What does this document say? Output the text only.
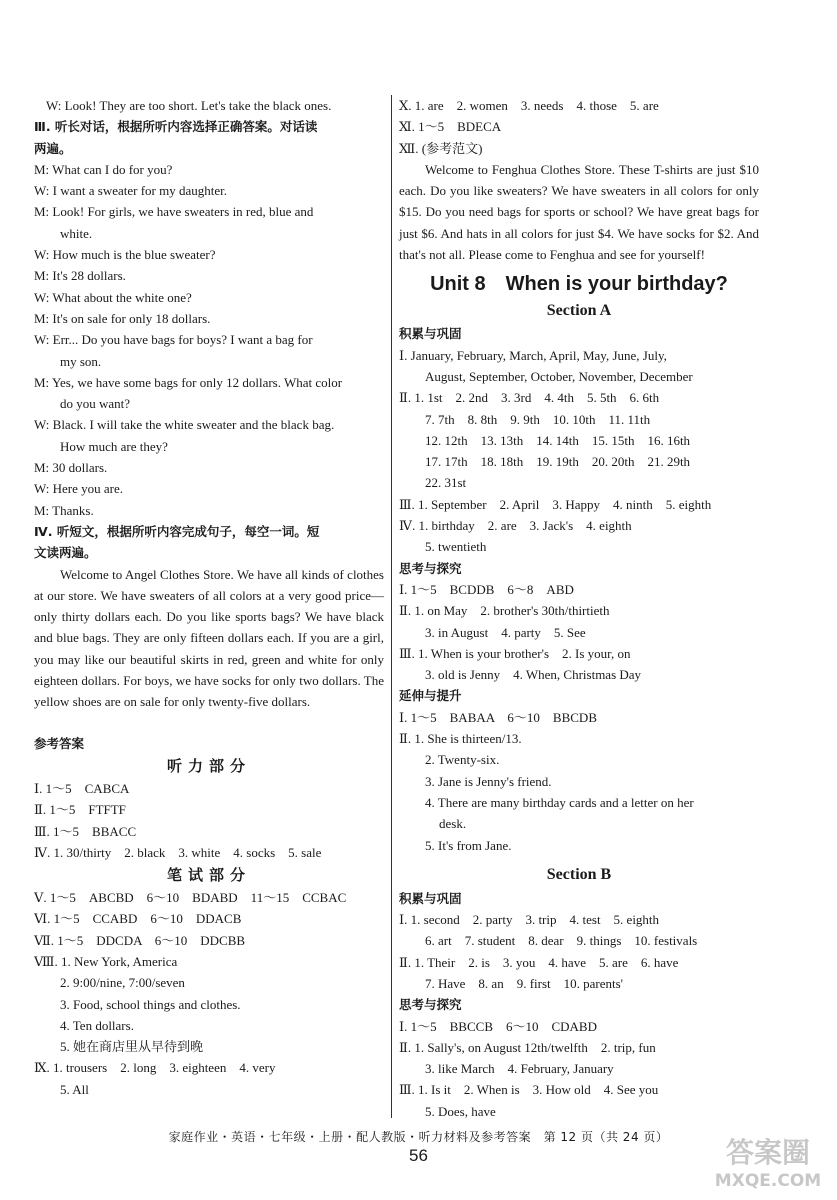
W: Look! They are too short. Let's take the black ones.
Ⅲ. 听长对话，根据所听内容选择正确答案。对话读
两遍。
M: What can I do for you?
W: I want a sweater for my daughter.
M: Look! For girls, we have sweaters in red, blue and
white.
W: How much is the blue sweater?
M: It's 28 dollars.
W: What about the white one?
M: It's on sale for only 18 dollars.
W: Err... Do you have bags for boys? I want a bag for
my son.
M: Yes, we have some bags for only 12 dollars. What color
do you want?
W: Black. I will take the white sweater and the black bag.
How much are they?
M: 30 dollars.
W: Here you are.
M: Thanks.
Ⅳ. 听短文，根据所听内容完成句子，每空一词。短
文读两遍。

Welcome to Angel Clothes Store. We have all kinds of clothes at our store. We have sweaters of all colors at a very good price—only thirty dollars each. Do you like sports bags? We have black and blue bags. They are only fifteen dollars each. If you are a girl, you may like our beautiful skirts in red, green and white for only eighteen dollars. For boys, we have socks for only two dollars. The yellow shoes are on sale for only twenty-five dollars.

参考答案
听力部分
Ⅰ. 1～5　CABCA
Ⅱ. 1～5　FTFTF
Ⅲ. 1～5　BBACC
Ⅳ. 1. 30/thirty　2. black　3. white　4. socks　5. sale
笔试部分
Ⅴ. 1～5　ABCBD　6～10　BDABD　11～15　CCBAC
Ⅵ. 1～5　CCABD　6～10　DDACB
Ⅶ. 1～5　DDCDA　6～10　DDCBB
Ⅷ. 1. New York, America
2. 9:00/nine, 7:00/seven
3. Food, school things and clothes.
4. Ten dollars.
5. 她在商店里从早待到晚
Ⅸ. 1. trousers　2. long　3. eighteen　4. very
5. All
Ⅹ. 1. are　2. women　3. needs　4. those　5. are
Ⅺ. 1～5　BDECA
Ⅻ. (参考范文)

Welcome to Fenghua Clothes Store. These T-shirts are just $10 each. Do you like sweaters? We have sweaters in all colors for only $15. Do you need bags for sports or school? We have great bags for just $6. And hats in all colors for just $4. We have socks for $2. And that's not all. Please come to Fenghua and see for yourself!

Unit 8　When is your birthday?
Section A
积累与巩固
Ⅰ. January, February, March, April, May, June, July,
August, September, October, November, December
Ⅱ. 1. 1st　2. 2nd　3. 3rd　4. 4th　5. 5th　6. 6th
7. 7th　8. 8th　9. 9th　10. 10th　11. 11th
12. 12th　13. 13th　14. 14th　15. 15th　16. 16th
17. 17th　18. 18th　19. 19th　20. 20th　21. 29th
22. 31st
Ⅲ. 1. September　2. April　3. Happy　4. ninth　5. eighth
Ⅳ. 1. birthday　2. are　3. Jack's　4. eighth
5. twentieth
思考与探究
Ⅰ. 1～5　BCDDB　6～8　ABD
Ⅱ. 1. on May　2. brother's 30th/thirtieth
3. in August　4. party　5. See
Ⅲ. 1. When is your brother's　2. Is your, on
3. old is Jenny　4. When, Christmas Day
延伸与提升
Ⅰ. 1～5　BABAA　6～10　BBCDB
Ⅱ. 1. She is thirteen/13.
2. Twenty-six.
3. Jane is Jenny's friend.
4. There are many birthday cards and a letter on her
desk.
5. It's from Jane.
Section B
积累与巩固
Ⅰ. 1. second　2. party　3. trip　4. test　5. eighth
6. art　7. student　8. dear　9. things　10. festivals
Ⅱ. 1. Their　2. is　3. you　4. have　5. are　6. have
7. Have　8. an　9. first　10. parents'
思考与探究
Ⅰ. 1～5　BBCCB　6～10　CDABD
Ⅱ. 1. Sally's, on August 12th/twelfth　2. trip, fun
3. like March　4. February, January
Ⅲ. 1. Is it　2. When is　3. How old　4. See you
5. Does, have
家庭作业・英语・七年级・上册・配人教版・听力材料及参考答案　第 12 页（共 24 页）
56	答案圈
MXQE.COM
